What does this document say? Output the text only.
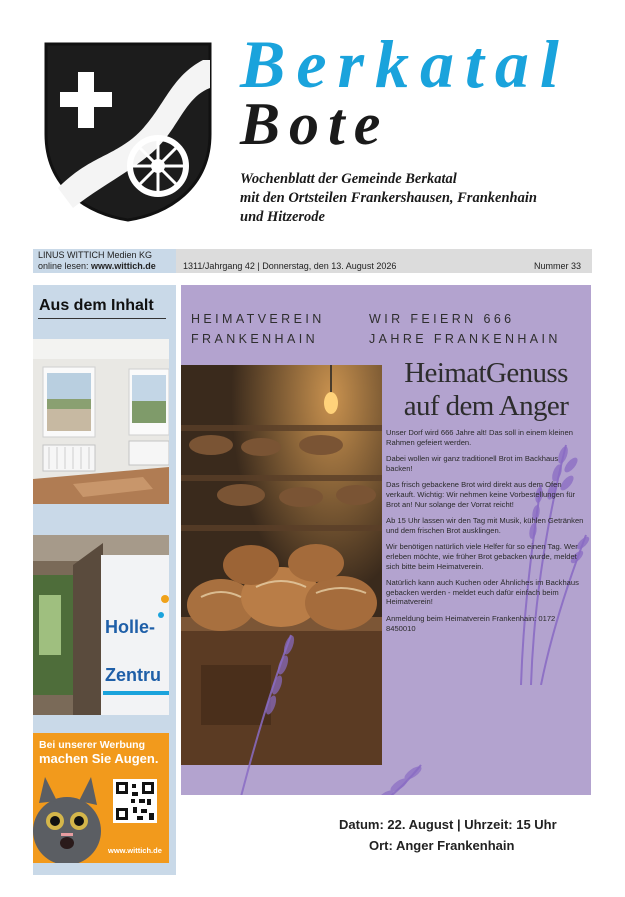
Berkatal
Bote
Wochenblatt der Gemeinde Berkatal
mit den Ortsteilen Frankershausen, Frankenhain
und Hitzerode
LINUS WITTICH Medien KG
online lesen: www.wittich.de	1311/Jahrgang 42 | Donnerstag, den 13. August 2026	Nummer 33
Aus dem Inhalt
Holle-
Zentru
Bei unserer Werbung
machen Sie Augen.
www.wittich.de
HEIMATVEREIN
FRANKENHAIN
WIR FEIERN 666
JAHRE FRANKENHAIN
HeimatGenuss
auf dem Anger

Unser Dorf wird 666 Jahre alt! Das soll in einem kleinen Rahmen gefeiert werden.

Dabei wollen wir ganz traditionell Brot im Backhaus backen!

Das frisch gebackene Brot wird direkt aus dem Ofen verkauft. Wichtig: Wir nehmen keine Vorbestellungen für Brot an! Nur solange der Vorrat reicht!

Ab 15 Uhr lassen wir den Tag mit Musik, kühlen Getränken und dem frischen Brot ausklingen.

Wir benötigen natürlich viele Helfer für so einen Tag. Wer erleben möchte, wie früher Brot gebacken wurde, meldet sich bitte beim Heimatverein.

Natürlich kann auch Kuchen oder Ähnliches im Backhaus gebacken werden - meldet euch dafür einfach beim Heimatverein!

Anmeldung beim Heimatverein Frankenhain: 0172 8450010

Datum: 22. August | Uhrzeit: 15 Uhr
Ort: Anger Frankenhain
